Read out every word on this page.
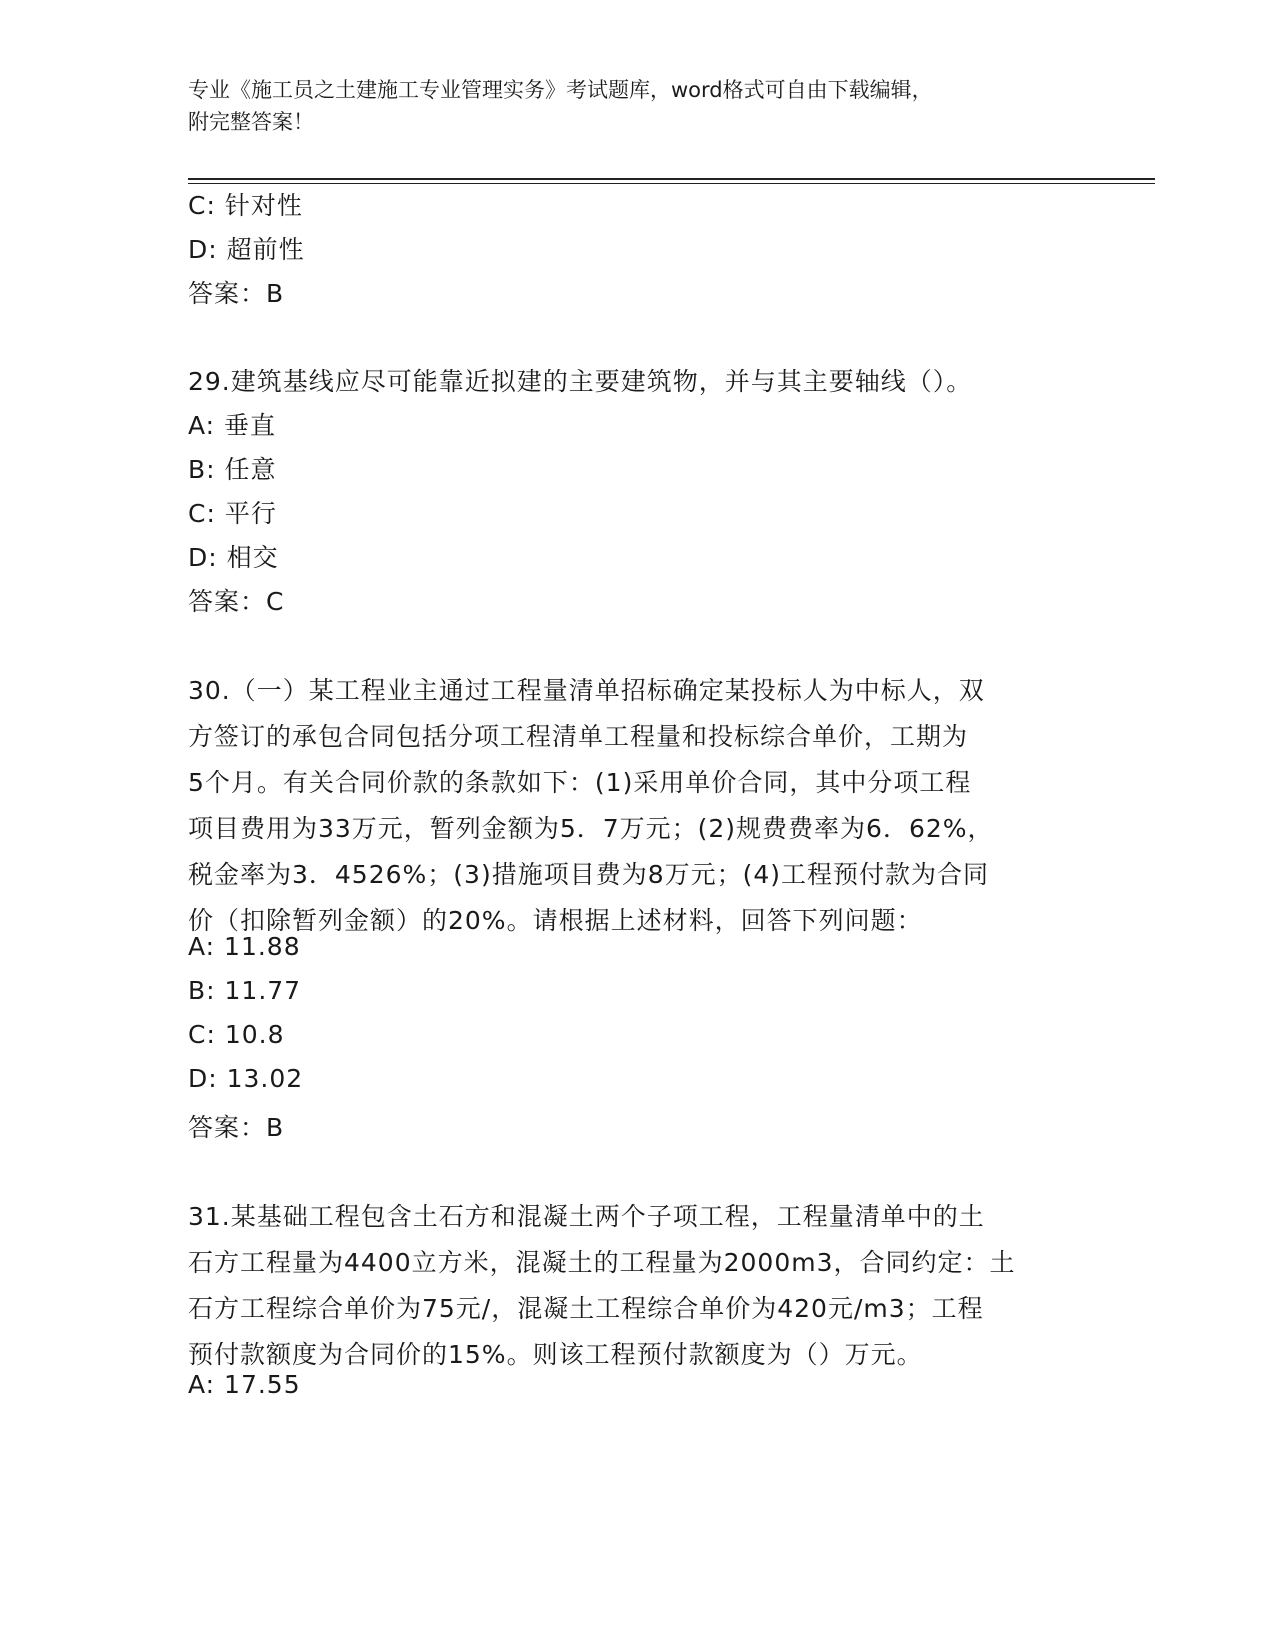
专业《施工员之土建施工专业管理实务》考试题库，word格式可自由下载编辑，
附完整答案！
C: 针对性
D: 超前性
答案：B
29.建筑基线应尽可能靠近拟建的主要建筑物，并与其主要轴线（）。
A: 垂直
B: 任意
C: 平行
D: 相交
答案：C
30.（一）某工程业主通过工程量清单招标确定某投标人为中标人，双
方签订的承包合同包括分项工程清单工程量和投标综合单价，工期为
5个月。有关合同价款的条款如下：(1)采用单价合同，其中分项工程
项目费用为33万元，暂列金额为5．7万元；(2)规费费率为6．62%，
税金率为3．4526%；(3)措施项目费为8万元；(4)工程预付款为合同
价（扣除暂列金额）的20%。请根据上述材料，回答下列问题：
A: 11.88
B: 11.77
C: 10.8
D: 13.02
答案：B
31.某基础工程包含土石方和混凝土两个子项工程，工程量清单中的土
石方工程量为4400立方米，混凝土的工程量为2000m3，合同约定：土
石方工程综合单价为75元/，混凝土工程综合单价为420元/m3；工程
预付款额度为合同价的15%。则该工程预付款额度为（）万元。
A: 17.55
